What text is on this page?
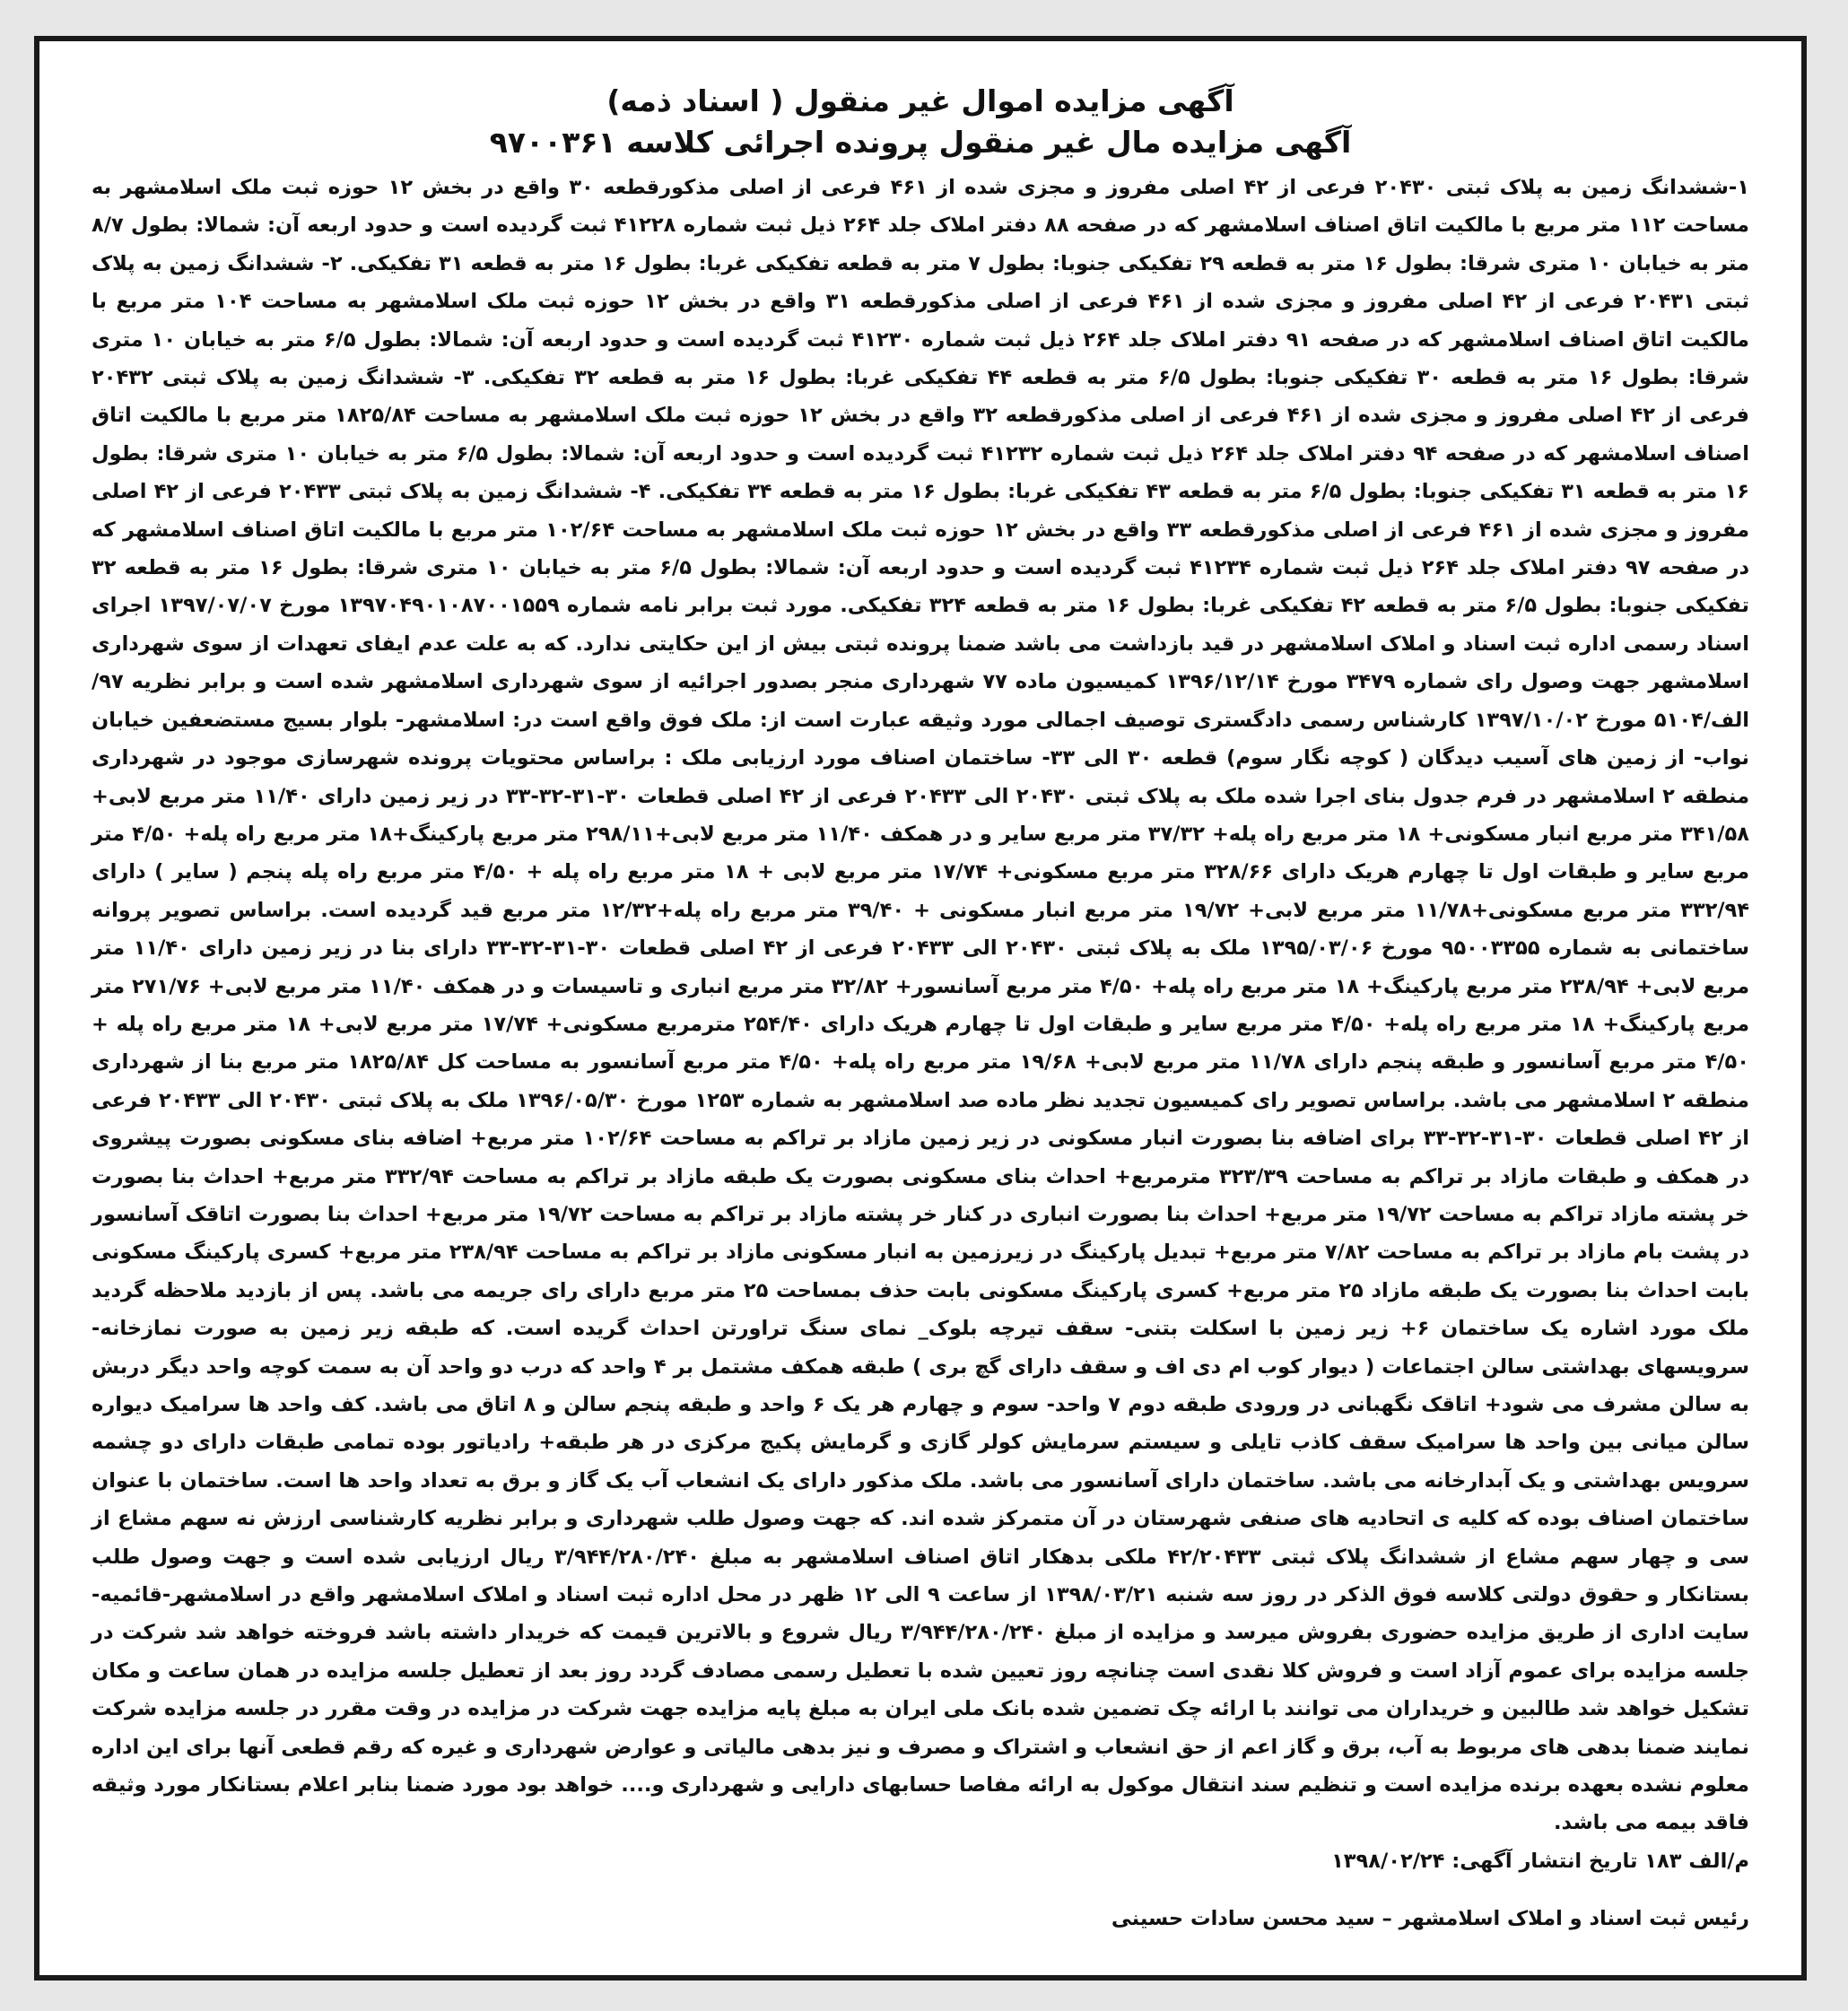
آگهی مزایده اموال غیر منقول ( اسناد ذمه)

آگهی مزایده مال غیر منقول پرونده اجرائی کلاسه ۹۷۰۰۳۶۱

۱-ششدانگ زمین به پلاک ثبتی ۲۰۴۳۰ فرعی از ۴۲ اصلی مفروز و مجزی شده از ۴۶۱ فرعی از اصلی مذکورقطعه ۳۰ واقع در بخش ۱۲ حوزه ثبت ملک اسلامشهر به مساحت ۱۱۲ متر مربع با مالکیت اتاق اصناف اسلامشهر که در صفحه ۸۸ دفتر املاک جلد ۲۶۴ ذیل ثبت شماره ۴۱۲۲۸ ثبت گردیده است و حدود اربعه آن: شمالا: بطول ۸/۷ متر به خیابان ۱۰ متری شرقا: بطول ۱۶ متر به قطعه ۲۹ تفکیکی جنوبا: بطول ۷ متر به قطعه تفکیکی غربا: بطول ۱۶ متر به قطعه ۳۱ تفکیکی. ۲- ششدانگ زمین به پلاک ثبتی ۲۰۴۳۱ فرعی از ۴۲ اصلی مفروز و مجزی شده از ۴۶۱ فرعی از اصلی مذکورقطعه ۳۱ واقع در بخش ۱۲ حوزه ثبت ملک اسلامشهر به مساحت ۱۰۴ متر مربع با مالکیت اتاق اصناف اسلامشهر که در صفحه ۹۱ دفتر املاک جلد ۲۶۴ ذیل ثبت شماره ۴۱۲۳۰ ثبت گردیده است و حدود اربعه آن: شمالا: بطول ۶/۵ متر به خیابان ۱۰ متری شرقا: بطول ۱۶ متر به قطعه ۳۰ تفکیکی جنوبا: بطول ۶/۵ متر به قطعه ۴۴ تفکیکی غربا: بطول ۱۶ متر به قطعه ۳۲ تفکیکی. ۳- ششدانگ زمین به پلاک ثبتی ۲۰۴۳۲ فرعی از ۴۲ اصلی مفروز و مجزی شده از ۴۶۱ فرعی از اصلی مذکورقطعه ۳۲ واقع در بخش ۱۲ حوزه ثبت ملک اسلامشهر به مساحت ۱۸۲۵/۸۴ متر مربع با مالکیت اتاق اصناف اسلامشهر که در صفحه ۹۴ دفتر املاک جلد ۲۶۴ ذیل ثبت شماره ۴۱۲۳۲ ثبت گردیده است و حدود اربعه آن: شمالا: بطول ۶/۵ متر به خیابان ۱۰ متری شرقا: بطول ۱۶ متر به قطعه ۳۱ تفکیکی جنوبا: بطول ۶/۵ متر به قطعه ۴۳ تفکیکی غربا: بطول ۱۶ متر به قطعه ۳۴ تفکیکی. ۴- ششدانگ زمین به پلاک ثبتی ۲۰۴۳۳ فرعی از ۴۲ اصلی مفروز و مجزی شده از ۴۶۱ فرعی از اصلی مذکورقطعه ۳۳ واقع در بخش ۱۲ حوزه ثبت ملک اسلامشهر به مساحت ۱۰۲/۶۴ متر مربع با مالکیت اتاق اصناف اسلامشهر که در صفحه ۹۷ دفتر املاک جلد ۲۶۴ ذیل ثبت شماره ۴۱۲۳۴ ثبت گردیده است و حدود اربعه آن: شمالا: بطول ۶/۵ متر به خیابان ۱۰ متری شرقا: بطول ۱۶ متر به قطعه ۳۲ تفکیکی جنوبا: بطول ۶/۵ متر به قطعه ۴۲ تفکیکی غربا: بطول ۱۶ متر به قطعه ۳۲۴ تفکیکی. مورد ثبت برابر نامه شماره ۱۳۹۷۰۴۹۰۱۰۸۷۰۰۱۵۵۹ مورخ ۱۳۹۷/۰۷/۰۷ اجرای اسناد رسمی اداره ثبت اسناد و املاک اسلامشهر در قید بازداشت می باشد ضمنا پرونده ثبتی بیش از این حکایتی ندارد. که به علت عدم ایفای تعهدات از سوی شهرداری اسلامشهر جهت وصول رای شماره ۳۴۷۹ مورخ ۱۳۹۶/۱۲/۱۴ کمیسیون ماده ۷۷ شهرداری منجر بصدور اجرائیه از سوی شهرداری اسلامشهر شده است و برابر نظریه ۹۷/الف/۵۱۰۴ مورخ ۱۳۹۷/۱۰/۰۲ کارشناس رسمی دادگستری توصیف اجمالی مورد وثیقه عبارت است از: ملک فوق واقع است در: اسلامشهر- بلوار بسیج مستضعفین خیابان نواب- از زمین های آسیب دیدگان ( کوچه نگار سوم) قطعه ۳۰ الی ۳۳- ساختمان اصناف مورد ارزیابی ملک : براساس محتویات پرونده شهرسازی موجود در شهرداری منطقه ۲ اسلامشهر در فرم جدول بنای اجرا شده ملک به پلاک ثبتی ۲۰۴۳۰ الی ۲۰۴۳۳ فرعی از ۴۲ اصلی قطعات ۳۰-۳۱-۳۲-۳۳ در زیر زمین دارای ۱۱/۴۰ متر مربع لابی+ ۳۴۱/۵۸ متر مربع انبار مسکونی+ ۱۸ متر مربع راه پله+ ۳۷/۳۲ متر مربع سایر و در همکف ۱۱/۴۰ متر مربع لابی+۲۹۸/۱۱ متر مربع پارکینگ+۱۸ متر مربع راه پله+ ۴/۵۰ متر مربع سایر و طبقات اول تا چهارم هریک دارای ۳۲۸/۶۶ متر مربع مسکونی+ ۱۷/۷۴ متر مربع لابی + ۱۸ متر مربع راه پله + ۴/۵۰ متر مربع راه پله پنجم ( سایر ) دارای ۳۳۲/۹۴ متر مربع مسکونی+۱۱/۷۸ متر مربع لابی+ ۱۹/۷۲ متر مربع انبار مسکونی + ۳۹/۴۰ متر مربع راه پله+۱۲/۳۲ متر مربع قید گردیده است. براساس تصویر پروانه ساختمانی به شماره ۹۵۰۰۳۳۵۵ مورخ ۱۳۹۵/۰۳/۰۶ ملک به پلاک ثبتی ۲۰۴۳۰ الی ۲۰۴۳۳ فرعی از ۴۲ اصلی قطعات ۳۰-۳۱-۳۲-۳۳ دارای بنا در زیر زمین دارای ۱۱/۴۰ متر مربع لابی+ ۲۳۸/۹۴ متر مربع پارکینگ+ ۱۸ متر مربع راه پله+ ۴/۵۰ متر مربع آسانسور+ ۳۲/۸۲ متر مربع انباری و تاسیسات و در همکف ۱۱/۴۰ متر مربع لابی+ ۲۷۱/۷۶ متر مربع پارکینگ+ ۱۸ متر مربع راه پله+ ۴/۵۰ متر مربع سایر و طبقات اول تا چهارم هریک دارای ۲۵۴/۴۰ مترمربع مسکونی+ ۱۷/۷۴ متر مربع لابی+ ۱۸ متر مربع راه پله + ۴/۵۰ متر مربع آسانسور و طبقه پنجم دارای ۱۱/۷۸ متر مربع لابی+ ۱۹/۶۸ متر مربع راه پله+ ۴/۵۰ متر مربع آسانسور به مساحت کل ۱۸۲۵/۸۴ متر مربع بنا از شهرداری منطقه ۲ اسلامشهر می باشد. براساس تصویر رای کمیسیون تجدید نظر ماده صد اسلامشهر به شماره ۱۲۵۳ مورخ ۱۳۹۶/۰۵/۳۰ ملک به پلاک ثبتی ۲۰۴۳۰ الی ۲۰۴۳۳ فرعی از ۴۲ اصلی قطعات ۳۰-۳۱-۳۲-۳۳ برای اضافه بنا بصورت انبار مسکونی در زیر زمین مازاد بر تراکم به مساحت ۱۰۲/۶۴ متر مربع+ اضافه بنای مسکونی بصورت پیشروی در همکف و طبقات مازاد بر تراکم به مساحت ۳۲۳/۳۹ مترمربع+ احداث بنای مسکونی بصورت یک طبقه مازاد بر تراکم به مساحت ۳۳۲/۹۴ متر مربع+ احداث بنا بصورت خر پشته مازاد تراکم به مساحت ۱۹/۷۲ متر مربع+ احداث بنا بصورت انباری در کنار خر پشته مازاد بر تراکم به مساحت ۱۹/۷۲ متر مربع+ احداث بنا بصورت اتاقک آسانسور در پشت بام مازاد بر تراکم به مساحت ۷/۸۲ متر مربع+ تبدیل پارکینگ در زیرزمین به انبار مسکونی مازاد بر تراکم به مساحت ۲۳۸/۹۴ متر مربع+ کسری پارکینگ مسکونی بابت احداث بنا بصورت یک طبقه مازاد ۲۵ متر مربع+ کسری پارکینگ مسکونی بابت حذف بمساحت ۲۵ متر مربع دارای رای جریمه می باشد. پس از بازدید ملاحظه گردید ملک مورد اشاره یک ساختمان ۶+ زیر زمین با اسکلت بتنی- سقف تیرچه بلوک_ نمای سنگ تراورتن احداث گریده است. که طبقه زیر زمین به صورت نمازخانه- سرویسهای بهداشتی سالن اجتماعات ( دیوار کوب ام دی اف و سقف دارای گچ بری ) طبقه همکف مشتمل بر ۴ واحد که درب دو واحد آن به سمت کوچه واحد دیگر دربش به سالن مشرف می شود+ اتاقک نگهبانی در ورودی طبقه دوم ۷ واحد- سوم و چهارم هر یک ۶ واحد و طبقه پنجم سالن و ۸ اتاق می باشد. کف واحد ها سرامیک دیواره سالن میانی بین واحد ها سرامیک سقف کاذب تایلی و سیستم سرمایش کولر گازی و گرمایش پکیج مرکزی در هر طبقه+ رادیاتور بوده تمامی طبقات دارای دو چشمه سرویس بهداشتی و یک آبدارخانه می باشد. ساختمان دارای آسانسور می باشد. ملک مذکور دارای یک انشعاب آب یک گاز و برق به تعداد واحد ها است. ساختمان با عنوان ساختمان اصناف بوده که کلیه ی اتحادیه های صنفی شهرستان در آن متمرکز شده اند. که جهت وصول طلب شهرداری و برابر نظریه کارشناسی ارزش نه سهم مشاع از سی و چهار سهم مشاع از ششدانگ پلاک ثبتی ۴۲/۲۰۴۳۳ ملکی بدهکار اتاق اصناف اسلامشهر به مبلغ ۳/۹۴۴/۲۸۰/۲۴۰ ریال ارزیابی شده است و جهت وصول طلب بستانکار و حقوق دولتی کلاسه فوق الذکر در روز سه شنبه ۱۳۹۸/۰۳/۲۱ از ساعت ۹ الی ۱۲ ظهر در محل اداره ثبت اسناد و املاک اسلامشهر واقع در اسلامشهر-قائمیه- سایت اداری از طریق مزایده حضوری بفروش میرسد و مزایده از مبلغ ۳/۹۴۴/۲۸۰/۲۴۰ ریال شروع و بالاترین قیمت که خریدار داشته باشد فروخته خواهد شد شرکت در جلسه مزایده برای عموم آزاد است و فروش کلا نقدی است چنانچه روز تعیین شده با تعطیل رسمی مصادف گردد روز بعد از تعطیل جلسه مزایده در همان ساعت و مکان تشکیل خواهد شد طالبین و خریداران می توانند با ارائه چک تضمین شده بانک ملی ایران به مبلغ پایه مزایده جهت شرکت در مزایده در وقت مقرر در جلسه مزایده شرکت نمایند ضمنا بدهی های مربوط به آب، برق و گاز اعم از حق انشعاب و اشتراک و مصرف و نیز بدهی مالیاتی و عوارض شهرداری و غیره که رقم قطعی آنها برای این اداره معلوم نشده بعهده برنده مزایده است و تنظیم سند انتقال موکول به ارائه مفاصا حسابهای دارایی و شهرداری و.... خواهد بود مورد ضمنا بنابر اعلام بستانکار مورد وثیقه فاقد بیمه می باشد.

م/الف ۱۸۳ تاریخ انتشار آگهی: ۱۳۹۸/۰۲/۲۴

رئیس ثبت اسناد و املاک اسلامشهر – سید محسن سادات حسینی
